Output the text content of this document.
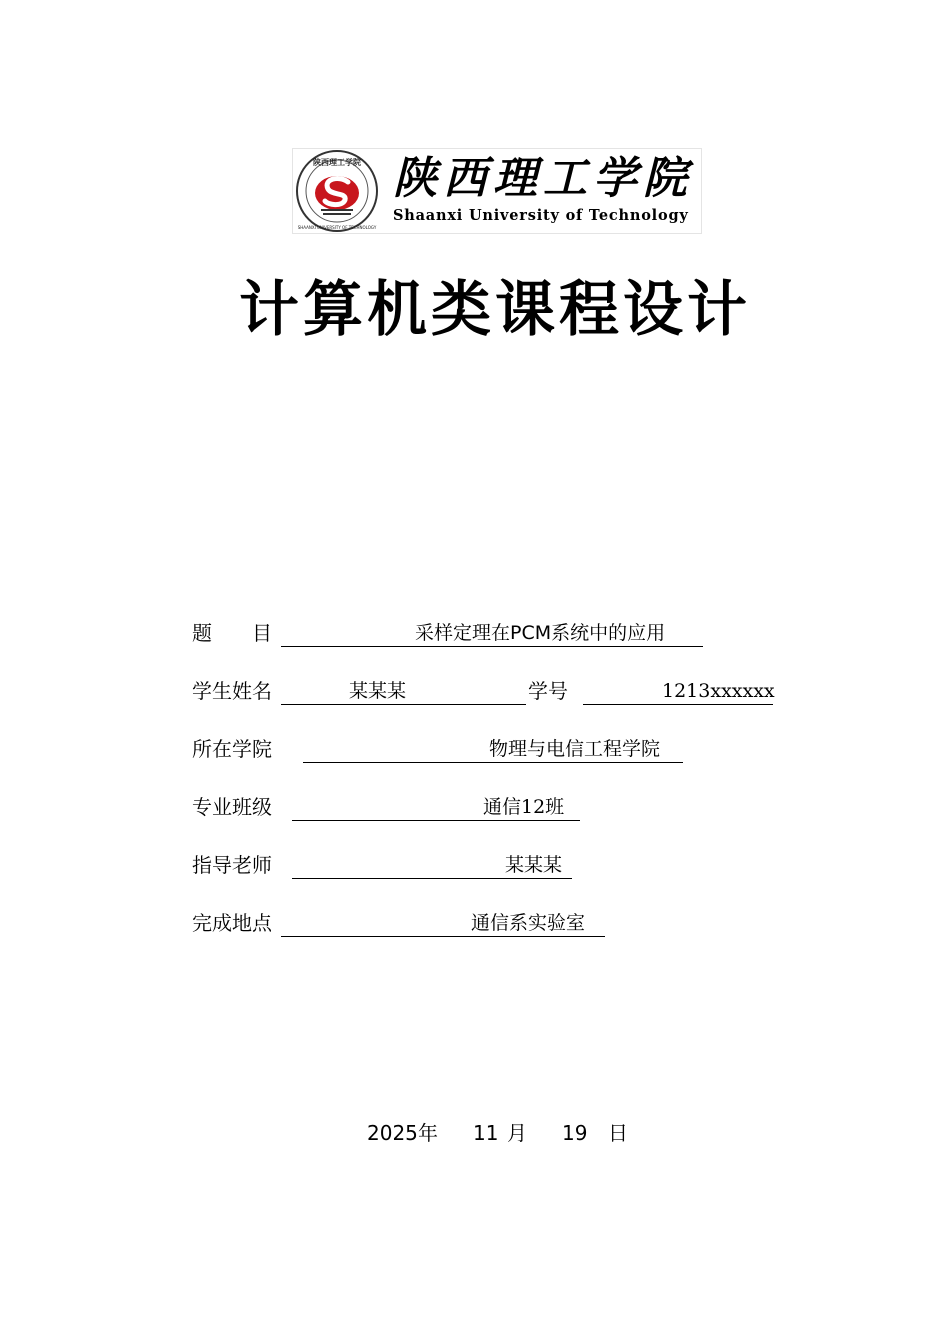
陕西理工学院
SHAANXI UNIVERSITY OF TECHNOLOGY
陕西理工学院
Shaanxi University of Technology
计算机类课程设计
题　　目	采样定理在PCM系统中的应用
学生姓名	某某某	学号	1213xxxxxx
所在学院	物理与电信工程学院
专业班级	通信12班
指导老师	某某某
完成地点	通信系实验室
2025 年 11 月 19 日
